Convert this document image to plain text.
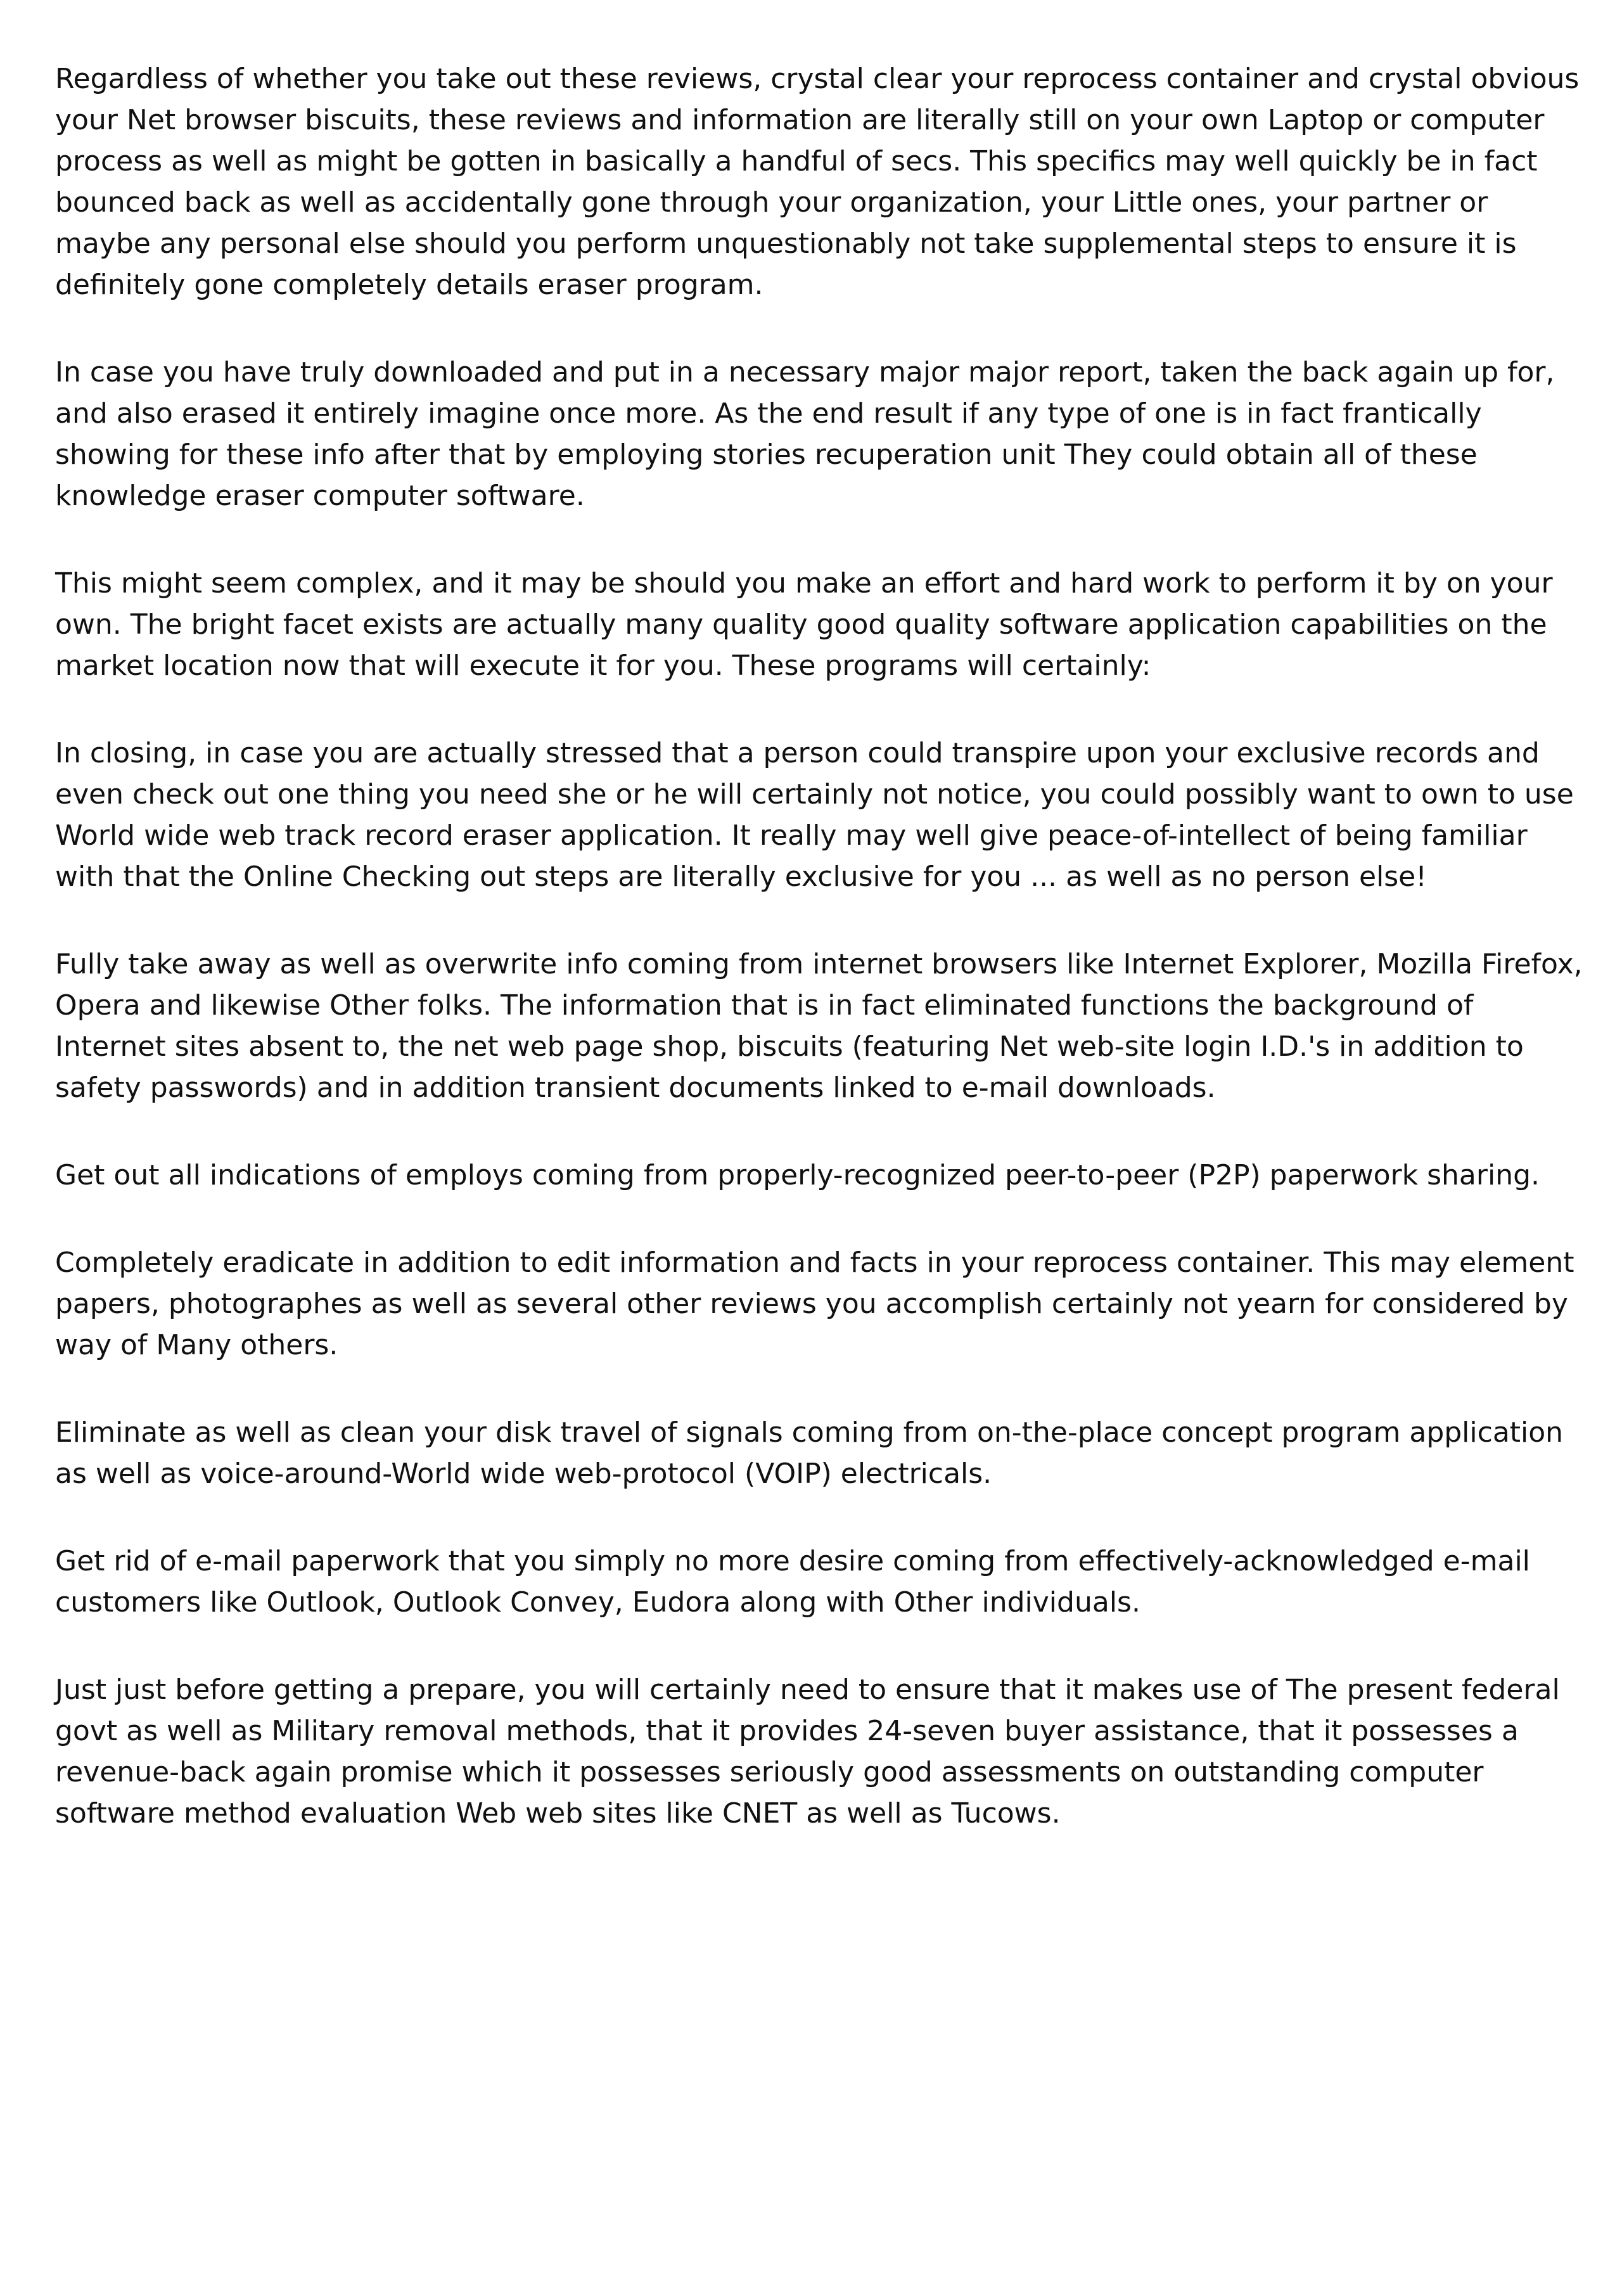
Regardless of whether you take out these reviews, crystal clear your reprocess container and crystal obvious your Net browser biscuits, these reviews and information are literally still on your own Laptop or computer process as well as might be gotten in basically a handful of secs. This specifics may well quickly be in fact bounced back as well as accidentally gone through your organization, your Little ones, your partner or maybe any personal else should you perform unquestionably not take supplemental steps to ensure it is definitely gone completely details eraser program.

In case you have truly downloaded and put in a necessary major major report, taken the back again up for, and also erased it entirely imagine once more. As the end result if any type of one is in fact frantically showing for these info after that by employing stories recuperation unit They could obtain all of these knowledge eraser computer software.

This might seem complex, and it may be should you make an effort and hard work to perform it by on your own. The bright facet exists are actually many quality good quality software application capabilities on the market location now that will execute it for you. These programs will certainly:

In closing, in case you are actually stressed that a person could transpire upon your exclusive records and even check out one thing you need she or he will certainly not notice, you could possibly want to own to use World wide web track record eraser application. It really may well give peace-of-intellect of being familiar with that the Online Checking out steps are literally exclusive for you ... as well as no person else!

Fully take away as well as overwrite info coming from internet browsers like Internet Explorer, Mozilla Firefox, Opera and likewise Other folks. The information that is in fact eliminated functions the background of Internet sites absent to, the net web page shop, biscuits (featuring Net web-site login I.D.'s in addition to safety passwords) and in addition transient documents linked to e-mail downloads.

Get out all indications of employs coming from properly-recognized peer-to-peer (P2P) paperwork sharing.

Completely eradicate in addition to edit information and facts in your reprocess container. This may element papers, photographes as well as several other reviews you accomplish certainly not yearn for considered by way of Many others.

Eliminate as well as clean your disk travel of signals coming from on-the-place concept program application as well as voice-around-World wide web-protocol (VOIP) electricals.

Get rid of e-mail paperwork that you simply no more desire coming from effectively-acknowledged e-mail customers like Outlook, Outlook Convey, Eudora along with Other individuals.

Just just before getting a prepare, you will certainly need to ensure that it makes use of The present federal govt as well as Military removal methods, that it provides 24-seven buyer assistance, that it possesses a revenue-back again promise which it possesses seriously good assessments on outstanding computer software method evaluation Web web sites like CNET as well as Tucows.
